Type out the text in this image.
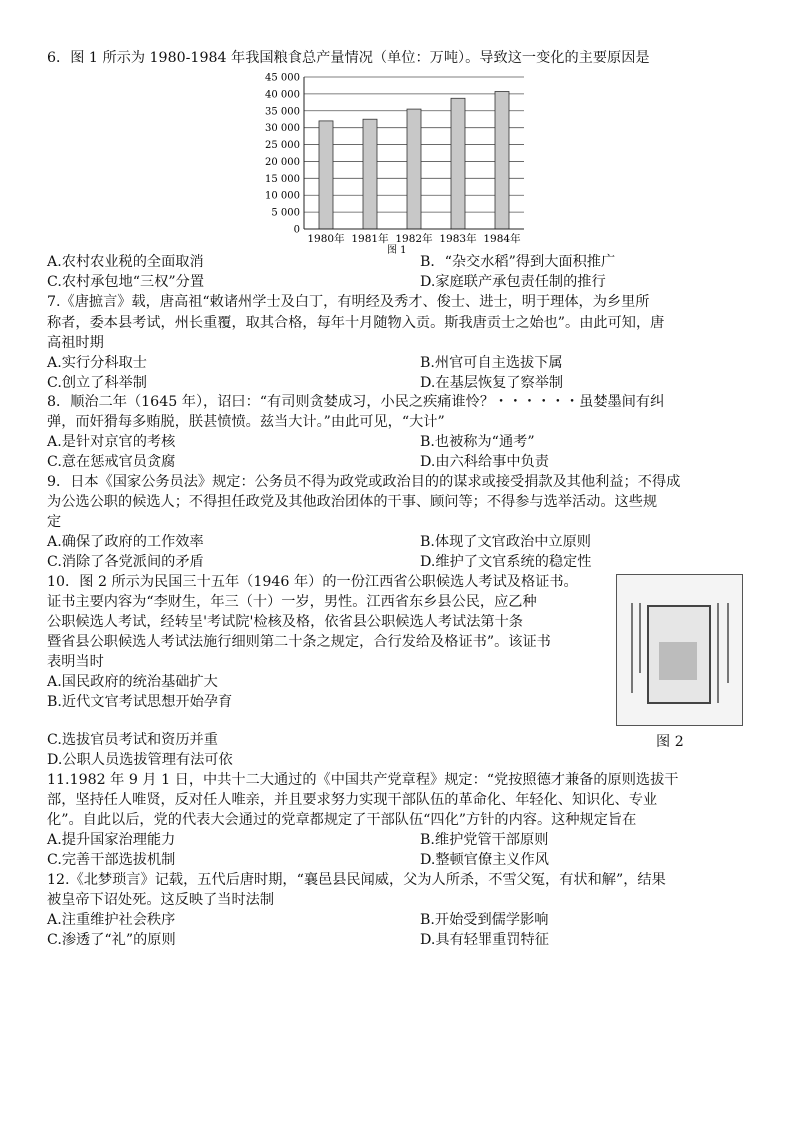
6．图 1 所示为 1980-1984 年我国粮食总产量情况（单位：万吨）。导致这一变化的主要原因是
0
5 000
10 000
15 000
20 000
25 000
30 000
35 000
40 000
45 000
1980年 1981年 1982年 1983年 1984年
图 1
A.农村农业税的全面取消	B．“杂交水稻”得到大面积推广
C.农村承包地“三权”分置	D.家庭联产承包责任制的推行
7.《唐摭言》载，唐高祖“敕诸州学士及白丁，有明经及秀才、俊士、进士，明于理体，为乡里所
称者，委本县考试，州长重覆，取其合格，每年十月随物入贡。斯我唐贡士之始也”。由此可知，唐
高祖时期
A.实行分科取士	B.州官可自主选拔下属
C.创立了科举制	D.在基层恢复了察举制
8．顺治二年（1645 年），诏曰：“有司则贪婪成习，小民之疾痛谁怜？・・・・・・虽婪墨间有纠
弹，而奸猾每多贿脱，朕甚愤愤。兹当大计。”由此可见，“大计”
A.是针对京官的考核	B.也被称为“通考”
C.意在惩戒官员贪腐	D.由六科给事中负责
9．日本《国家公务员法》规定：公务员不得为政党或政治目的的谋求或接受捐款及其他利益；不得成
为公选公职的候选人；不得担任政党及其他政治团体的干事、顾问等；不得参与选举活动。这些规
定
A.确保了政府的工作效率	B.体现了文官政治中立原则
C.消除了各党派间的矛盾	D.维护了文官系统的稳定性
10．图 2 所示为民国三十五年（1946 年）的一份江西省公职候选人考试及格证书。
证书主要内容为“李财生，年三（十）一岁，男性。江西省东乡县公民，应乙种
公职候选人考试，经转呈'考试院'检核及格，依省县公职候选人考试法第十条
暨省县公职候选人考试法施行细则第二十条之规定，合行发给及格证书”。该证书
表明当时
A.国民政府的统治基础扩大
B.近代文官考试思想开始孕育
C.选拔官员考试和资历并重
D.公职人员选拔管理有法可依
图 2
11.1982 年 9 月 1 日，中共十二大通过的《中国共产党章程》规定：“党按照德才兼备的原则选拔干
部，坚持任人唯贤，反对任人唯亲，并且要求努力实现干部队伍的革命化、年轻化、知识化、专业
化”。自此以后，党的代表大会通过的党章都规定了干部队伍“四化”方针的内容。这种规定旨在
A.提升国家治理能力	B.维护党管干部原则
C.完善干部选拔机制	D.整顿官僚主义作风
12.《北梦琐言》记载，五代后唐时期，“襄邑县民闻威，父为人所杀，不雪父冤，有状和解”，结果
被皇帝下诏处死。这反映了当时法制
A.注重维护社会秩序	B.开始受到儒学影响
C.渗透了“礼”的原则	D.具有轻罪重罚特征
